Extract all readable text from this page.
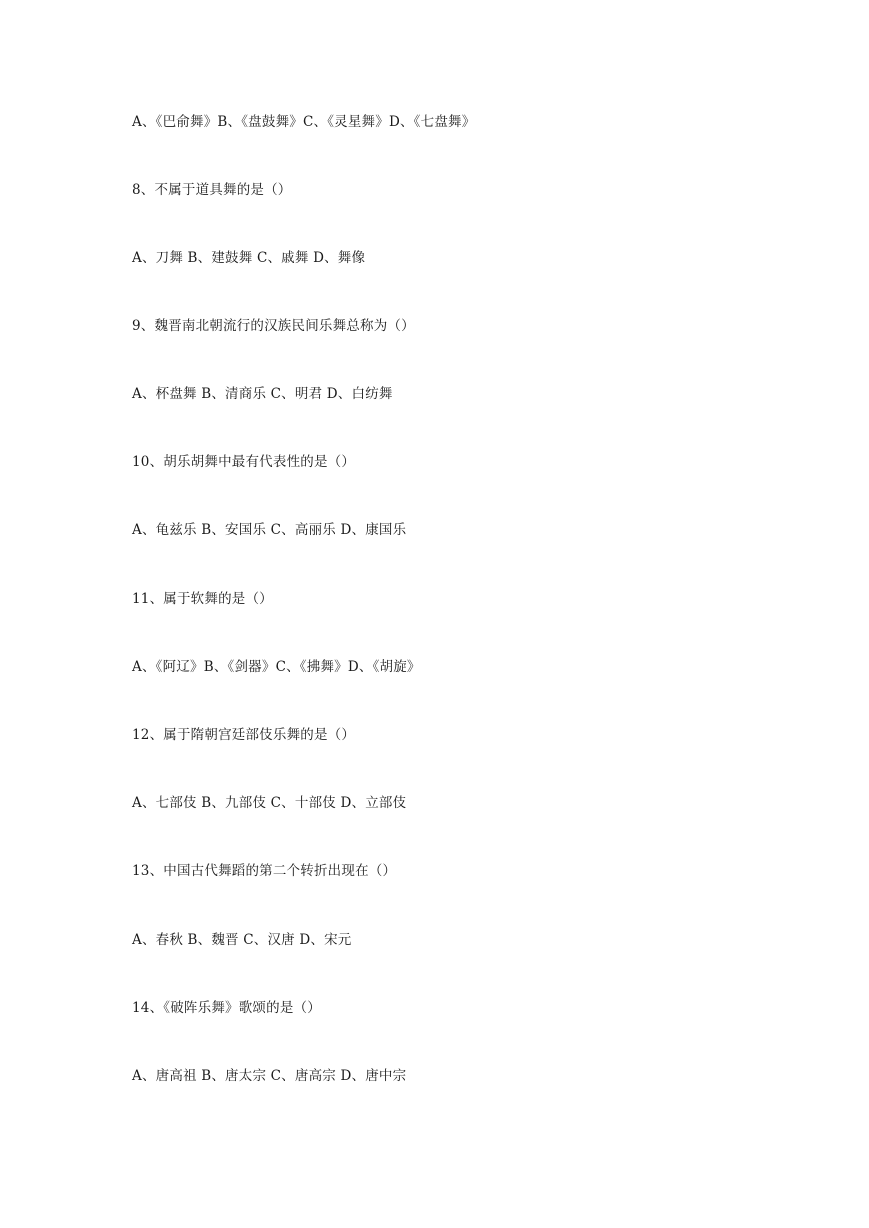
A、《巴俞舞》B、《盘鼓舞》C、《灵星舞》D、《七盘舞》
8、不属于道具舞的是（）
A、刀舞 B、建鼓舞 C、戚舞 D、舞像
9、魏晋南北朝流行的汉族民间乐舞总称为（）
A、杯盘舞 B、清商乐 C、明君 D、白纺舞
10、胡乐胡舞中最有代表性的是（）
A、龟兹乐 B、安国乐 C、高丽乐 D、康国乐
11、属于软舞的是（）
A、《阿辽》B、《剑器》C、《拂舞》D、《胡旋》
12、属于隋朝宫廷部伎乐舞的是（）
A、七部伎 B、九部伎 C、十部伎 D、立部伎
13、中国古代舞蹈的第二个转折出现在（）
A、春秋 B、魏晋 C、汉唐 D、宋元
14、《破阵乐舞》歌颂的是（）
A、唐高祖 B、唐太宗 C、唐高宗 D、唐中宗
